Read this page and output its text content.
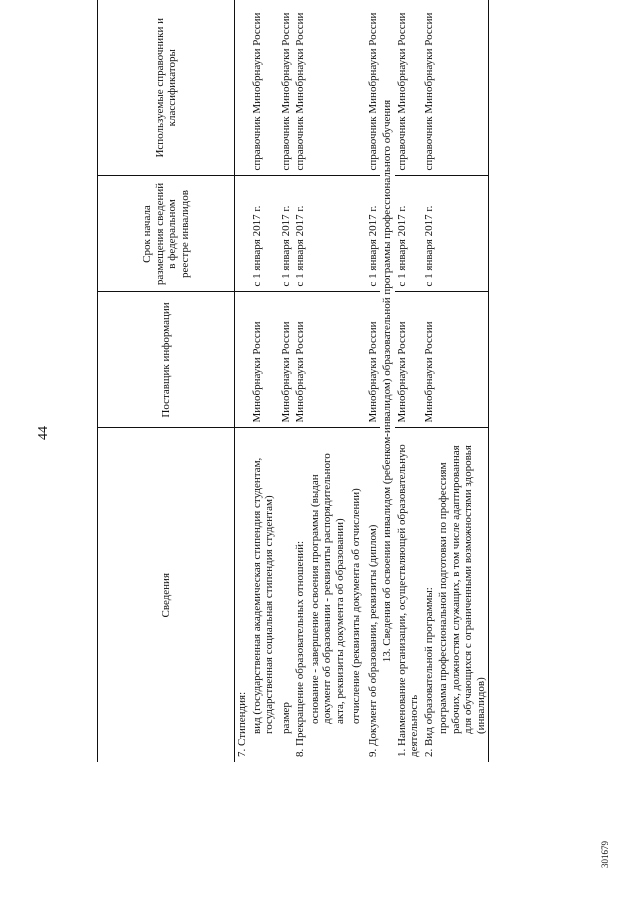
44
301679
Сведения	Поставщик информации	Срок начала размещения сведений в федеральном реестре инвалидов	Используемые справочники и классификаторы
7. Стипендия:			
вид (государственная академическая стипендия студентам, государственная социальная стипендия студентам)	Минобрнауки России	с 1 января 2017 г.	справочник Минобрнауки России
размер	Минобрнауки России	с 1 января 2017 г.	справочник Минобрнауки России
8. Прекращение образовательных отношений:	Минобрнауки России	с 1 января 2017 г.	справочник Минобрнауки России
основание - завершение освоения программы (выдан документ об образовании - реквизиты распорядительного акта, реквизиты документа об образовании)			
отчисление (реквизиты документа об отчислении)			
9. Документ об образовании, реквизиты (диплом)	Минобрнауки России	с 1 января 2017 г.	справочник Минобрнауки России
13. Сведения об освоении инвалидом (ребенком-инвалидом) образовательной программы профессионального обучения			
1. Наименование организации, осуществляющей образовательную деятельность	Минобрнауки России	с 1 января 2017 г.	справочник Минобрнауки России
2. Вид образовательной программы:	Минобрнауки России	с 1 января 2017 г.	справочник Минобрнауки России
программа профессиональной подготовки по профессиям рабочих, должностям служащих, в том числе адаптированная для обучающихся с ограниченными возможностями здоровья (инвалидов)			
